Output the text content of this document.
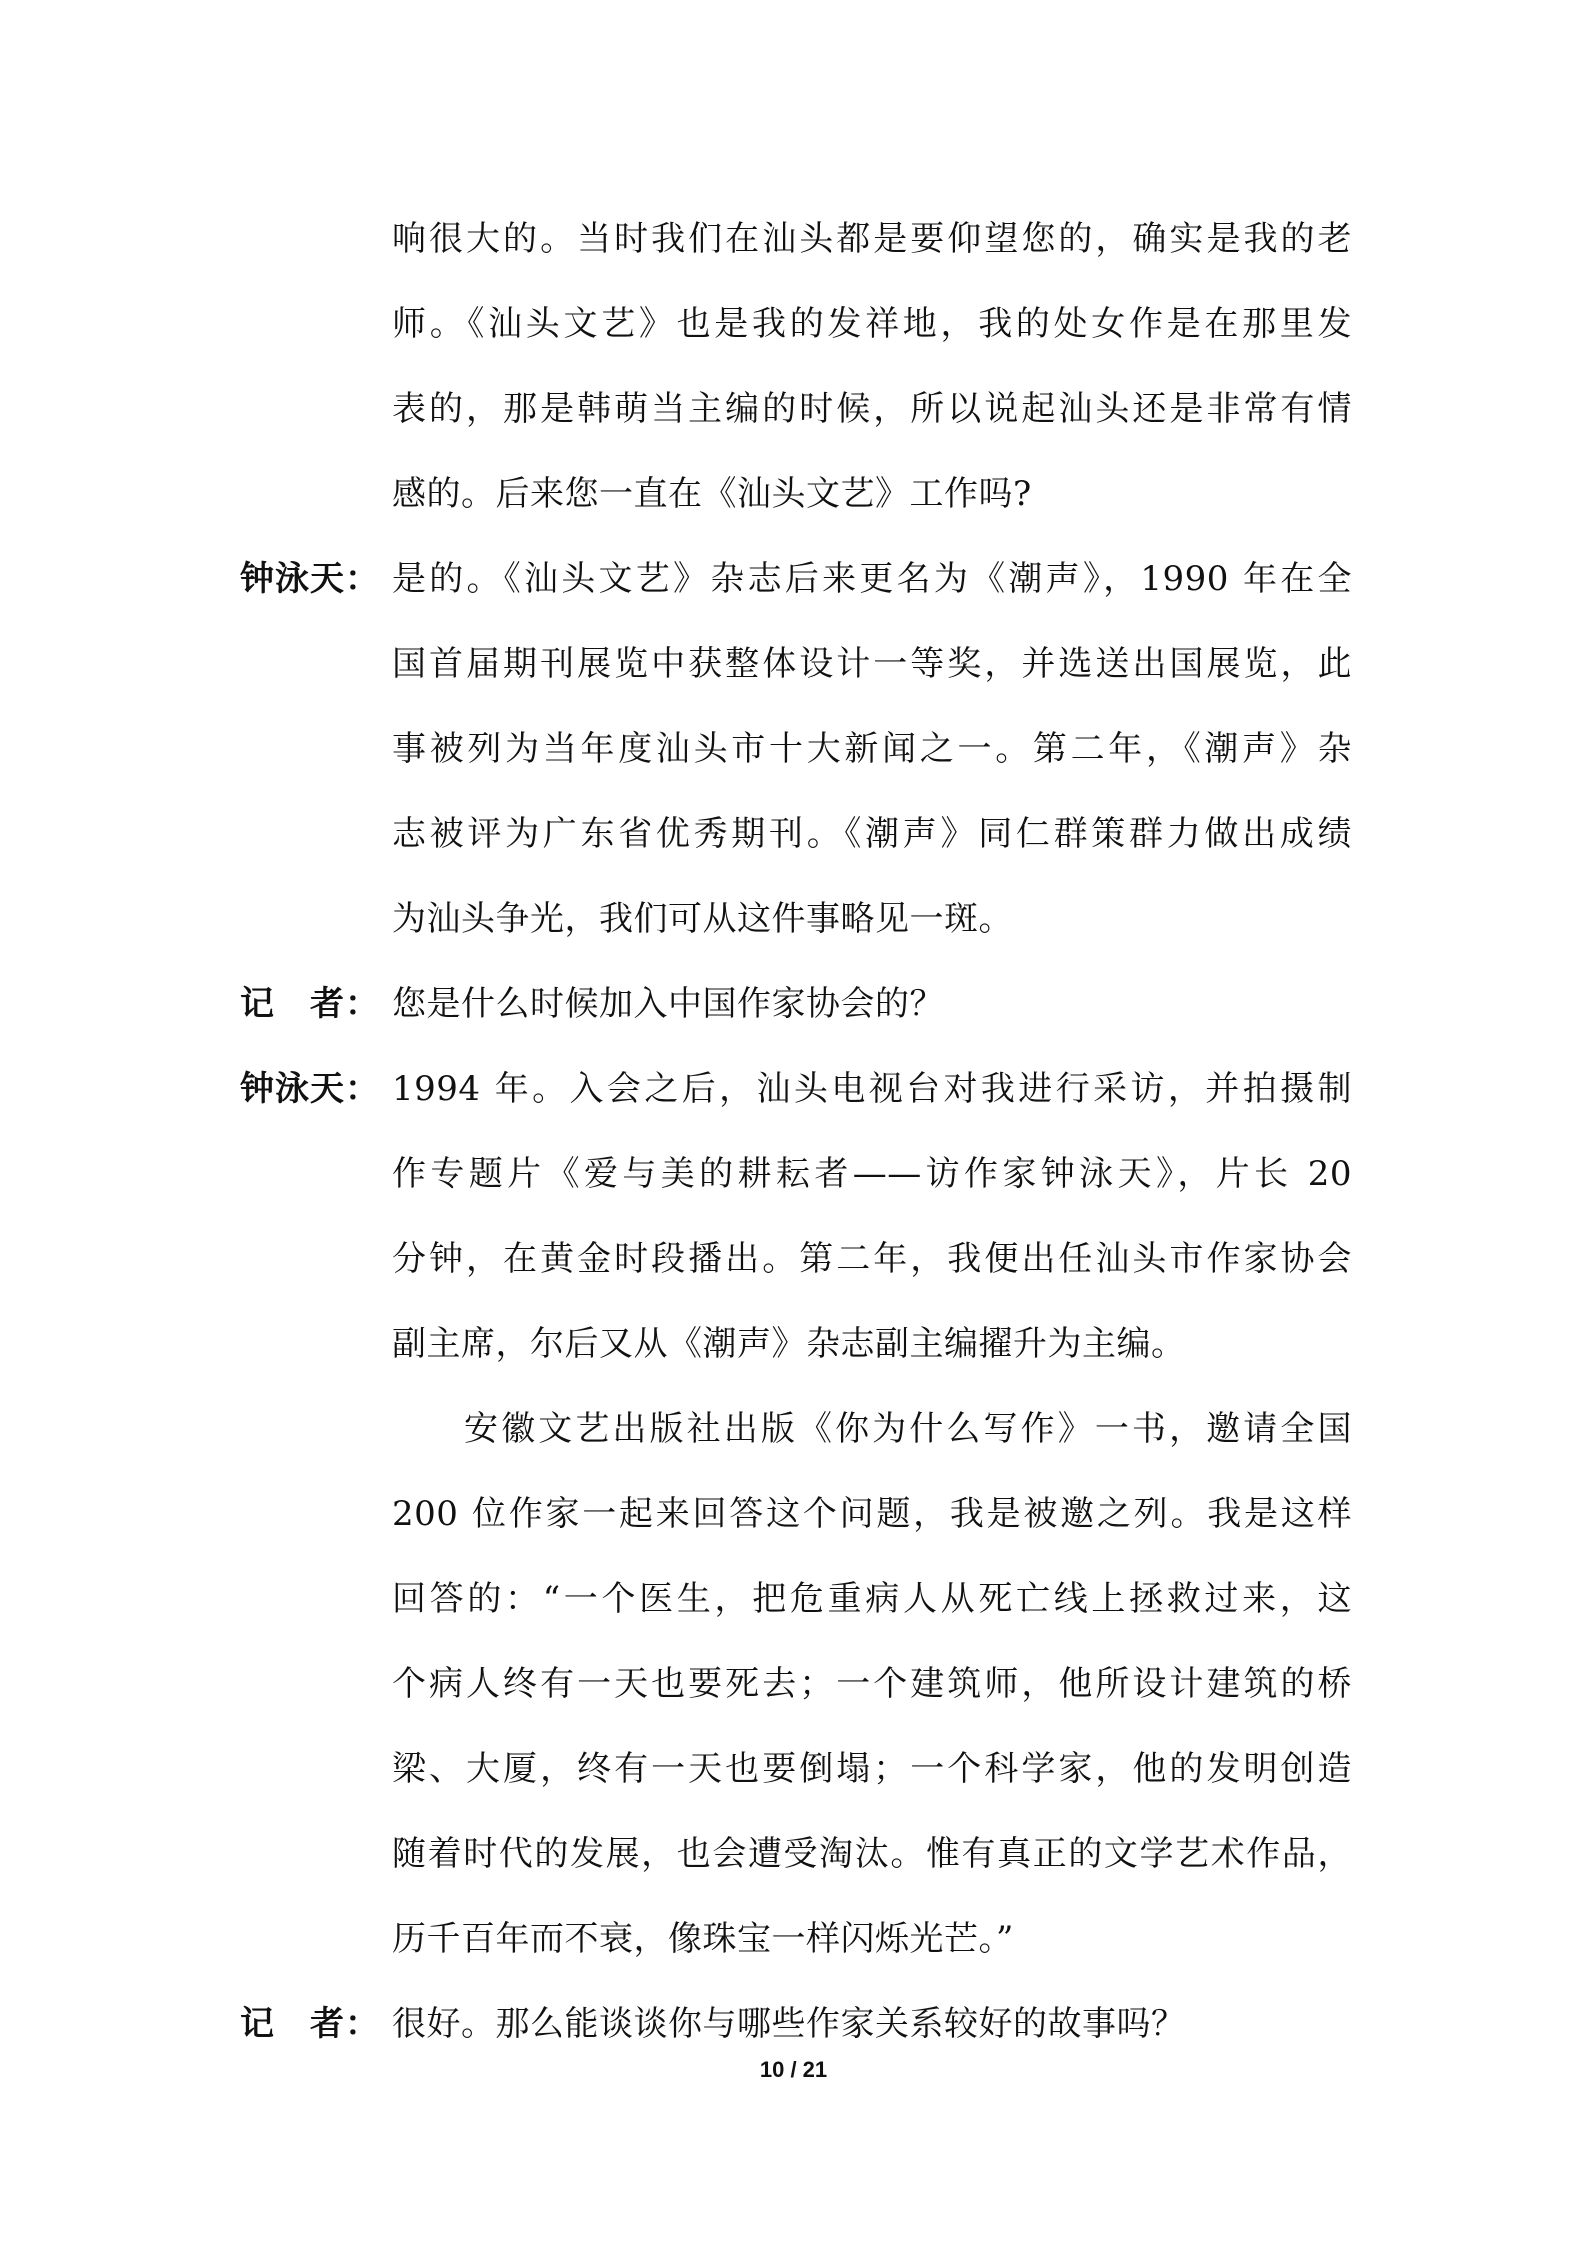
响很大的。当时我们在汕头都是要仰望您的，确实是我的老
师。《汕头文艺》也是我的发祥地，我的处女作是在那里发
表的，那是韩萌当主编的时候，所以说起汕头还是非常有情
感的。后来您一直在《汕头文艺》工作吗?
钟泳天： 是的。《汕头文艺》杂志后来更名为《潮声》，1990 年在全
国首届期刊展览中获整体设计一等奖，并选送出国展览，此
事被列为当年度汕头市十大新闻之一。第二年，《潮声》杂
志被评为广东省优秀期刊。《潮声》同仁群策群力做出成绩
为汕头争光，我们可从这件事略见一斑。
记　者： 您是什么时候加入中国作家协会的？
钟泳天： 1994 年。入会之后，汕头电视台对我进行采访，并拍摄制
作专题片《爱与美的耕耘者——访作家钟泳天》，片长 20
分钟，在黄金时段播出。第二年，我便出任汕头市作家协会
副主席，尔后又从《潮声》杂志副主编擢升为主编。
安徽文艺出版社出版《你为什么写作》一书，邀请全国
200 位作家一起来回答这个问题，我是被邀之列。我是这样
回答的：“一个医生，把危重病人从死亡线上拯救过来，这
个病人终有一天也要死去；一个建筑师，他所设计建筑的桥
梁、大厦，终有一天也要倒塌；一个科学家，他的发明创造
随着时代的发展，也会遭受淘汰。惟有真正的文学艺术作品，
历千百年而不衰，像珠宝一样闪烁光芒。”
记　者： 很好。那么能谈谈你与哪些作家关系较好的故事吗？
10 / 21
